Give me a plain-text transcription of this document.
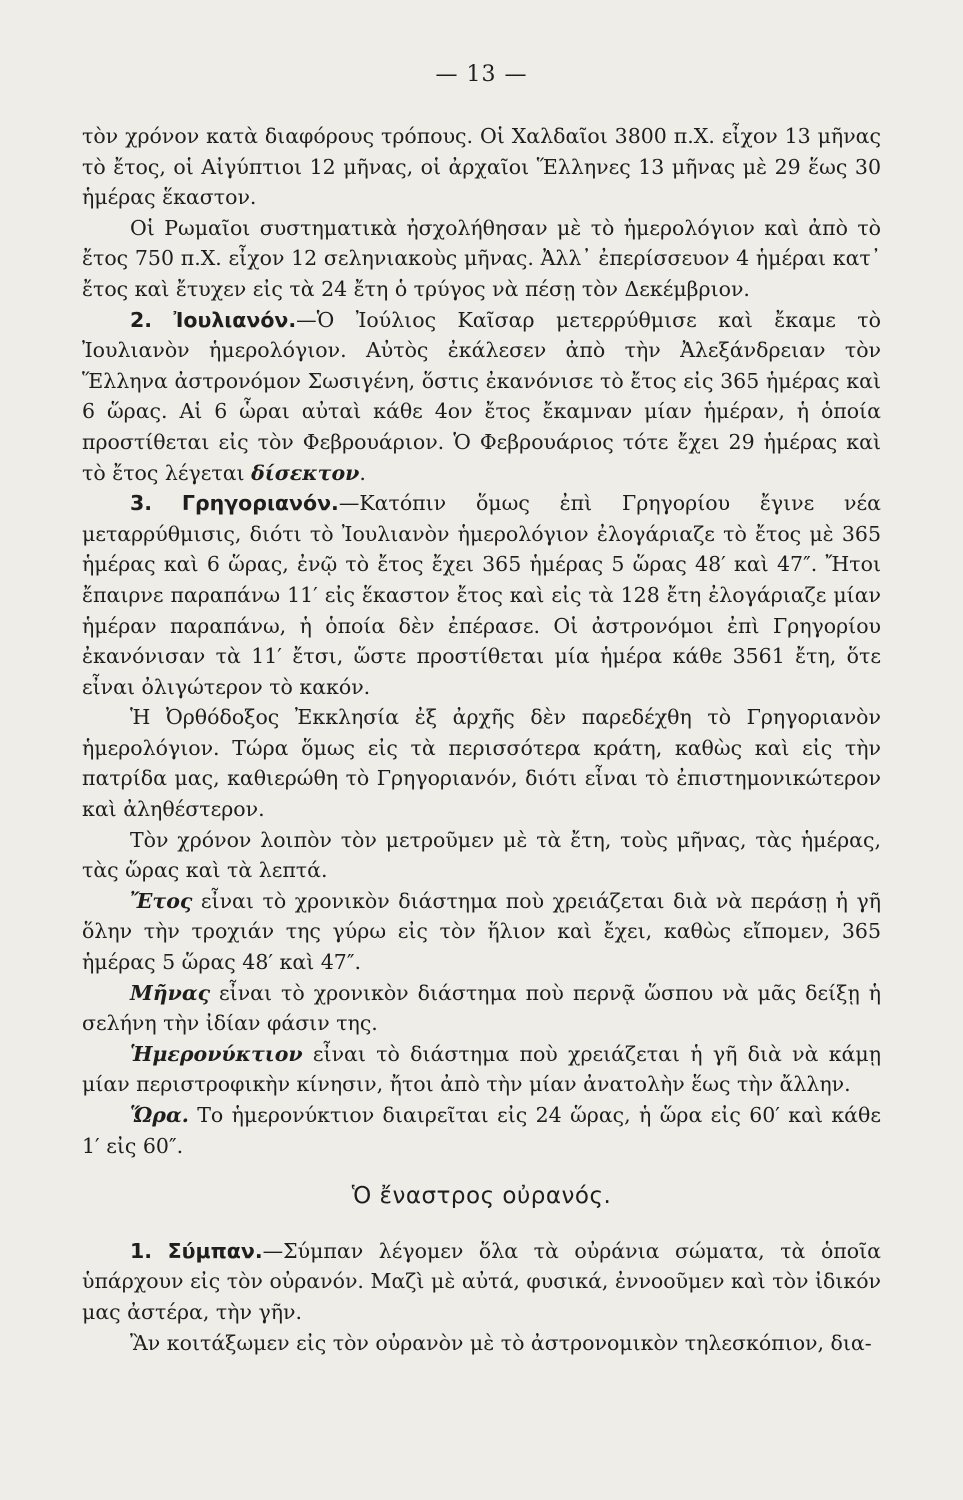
— 13 —

τὸν χρόνον κατὰ διαφόρους τρόπους. Οἱ Χαλδαῖοι 3800 π.Χ. εἶχον 13 μῆνας τὸ ἔτος, οἱ Αἰγύπτιοι 12 μῆνας, οἱ ἀρχαῖοι Ἕλληνες 13 μῆνας μὲ 29 ἕως 30 ἡμέρας ἕκαστον.

Οἱ Ρωμαῖοι συστηματικὰ ἠσχολήθησαν μὲ τὸ ἡμερολόγιον καὶ ἀπὸ τὸ ἔτος 750 π.Χ. εἶχον 12 σεληνιακοὺς μῆνας. Ἀλλ᾽ ἐπερίσσευον 4 ἡμέραι κατ᾽ ἔτος καὶ ἔτυχεν εἰς τὰ 24 ἔτη ὁ τρύγος νὰ πέσῃ τὸν Δεκέμβριον.

2. Ἰουλιανόν.—Ὁ Ἰούλιος Καῖσαρ μετερρύθμισε καὶ ἔκαμε τὸ Ἰουλιανὸν ἡμερολόγιον. Αὐτὸς ἐκάλεσεν ἀπὸ τὴν Ἀλεξάνδρειαν τὸν Ἕλληνα ἀστρονόμον Σωσιγένη, ὅστις ἐκανόνισε τὸ ἔτος εἰς 365 ἡμέρας καὶ 6 ὥρας. Αἱ 6 ὧραι αὐταὶ κάθε 4ον ἔτος ἔκαμναν μίαν ἡμέραν, ἡ ὁποία προστίθεται εἰς τὸν Φεβρουάριον. Ὁ Φεβρουάριος τότε ἔχει 29 ἡμέρας καὶ τὸ ἔτος λέγεται δίσεκτον.

3. Γρηγοριανόν.—Κατόπιν ὅμως ἐπὶ Γρηγορίου ἔγινε νέα μεταρρύθμισις, διότι τὸ Ἰουλιανὸν ἡμερολόγιον ἐλογάριαζε τὸ ἔτος μὲ 365 ἡμέρας καὶ 6 ὥρας, ἐνῷ τὸ ἔτος ἔχει 365 ἡμέρας 5 ὥρας 48′ καὶ 47″. Ἤτοι ἔπαιρνε παραπάνω 11′ εἰς ἕκαστον ἔτος καὶ εἰς τὰ 128 ἔτη ἐλογάριαζε μίαν ἡμέραν παραπάνω, ἡ ὁποία δὲν ἐπέρασε. Οἱ ἀστρονόμοι ἐπὶ Γρηγορίου ἐκανόνισαν τὰ 11′ ἔτσι, ὥστε προστίθεται μία ἡμέρα κάθε 3561 ἔτη, ὅτε εἶναι ὀλιγώτερον τὸ κακόν.

Ἡ Ὀρθόδοξος Ἐκκλησία ἐξ ἀρχῆς δὲν παρεδέχθη τὸ Γρηγοριανὸν ἡμερολόγιον. Τώρα ὅμως εἰς τὰ περισσότερα κράτη, καθὼς καὶ εἰς τὴν πατρίδα μας, καθιερώθη τὸ Γρηγοριανόν, διότι εἶναι τὸ ἐπιστημονικώτερον καὶ ἀληθέστερον.

Τὸν χρόνον λοιπὸν τὸν μετροῦμεν μὲ τὰ ἔτη, τοὺς μῆνας, τὰς ἡμέρας, τὰς ὥρας καὶ τὰ λεπτά.

Ἔτος εἶναι τὸ χρονικὸν διάστημα ποὺ χρειάζεται διὰ νὰ περάσῃ ἡ γῆ ὅλην τὴν τροχιάν της γύρω εἰς τὸν ἥλιον καὶ ἔχει, καθὼς εἴπομεν, 365 ἡμέρας 5 ὥρας 48′ καὶ 47″.

Μῆνας εἶναι τὸ χρονικὸν διάστημα ποὺ περνᾷ ὥσπου νὰ μᾶς δείξῃ ἡ σελήνη τὴν ἰδίαν φάσιν της.

Ἡμερονύκτιον εἶναι τὸ διάστημα ποὺ χρειάζεται ἡ γῆ διὰ νὰ κάμῃ μίαν περιστροφικὴν κίνησιν, ἤτοι ἀπὸ τὴν μίαν ἀνατολὴν ἕως τὴν ἄλλην.

Ὥρα. Το ἡμερονύκτιον διαιρεῖται εἰς 24 ὥρας, ἡ ὥρα εἰς 60′ καὶ κάθε 1′ εἰς 60″.

Ὁ ἔναστρος οὐρανός.

1. Σύμπαν.—Σύμπαν λέγομεν ὅλα τὰ οὐράνια σώματα, τὰ ὁποῖα ὑπάρχουν εἰς τὸν οὐρανόν. Μαζὶ μὲ αὐτά, φυσικά, ἐννοοῦμεν καὶ τὸν ἰδικόν μας ἀστέρα, τὴν γῆν.

Ἂν κοιτάξωμεν εἰς τὸν οὐρανὸν μὲ τὸ ἀστρονομικὸν τηλεσκόπιον, δια-
